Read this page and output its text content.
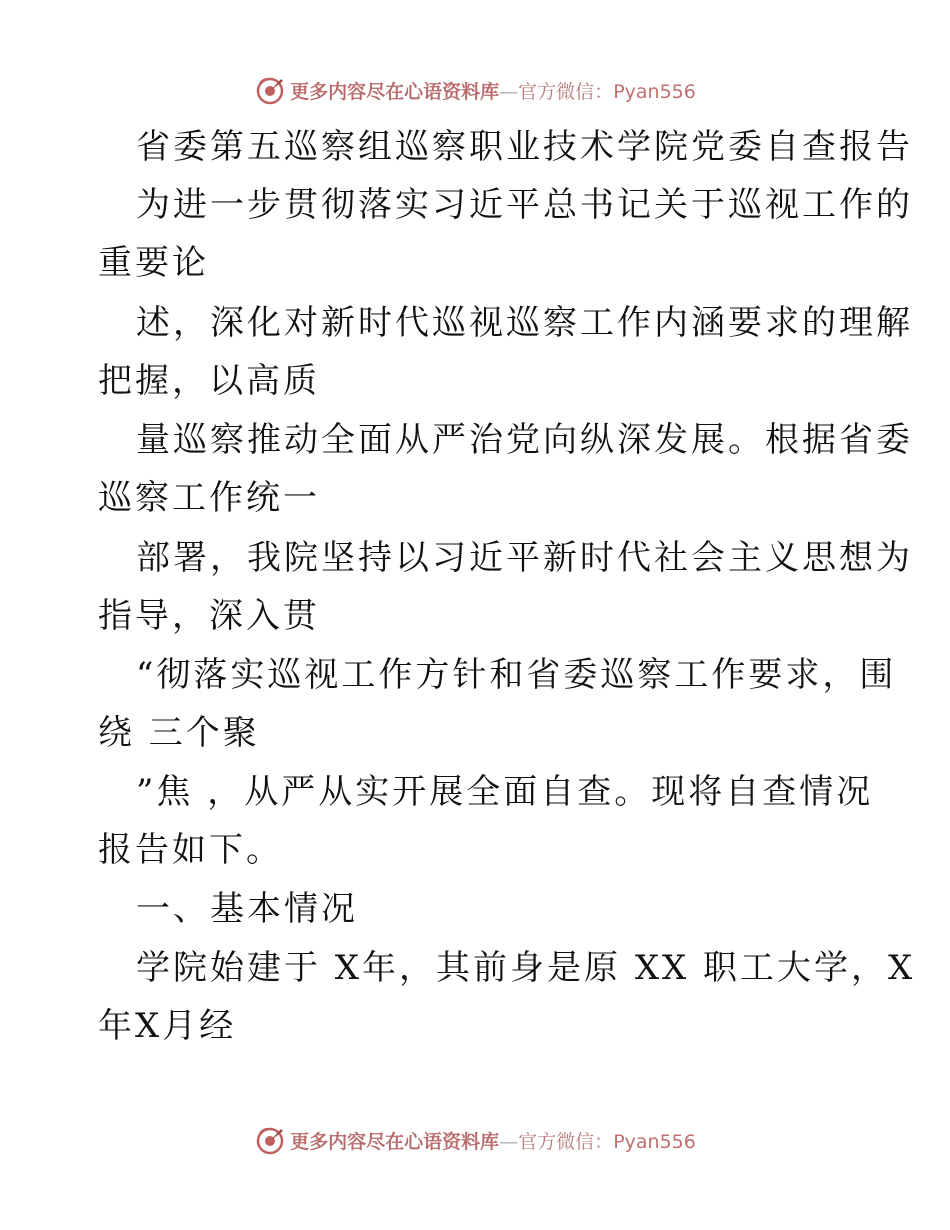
更多内容尽在心语资料库—官方微信：Pyan556
省委第五巡察组巡察职业技术学院党委自查报告
为进一步贯彻落实习近平总书记关于巡视工作的
重要论
述，深化对新时代巡视巡察工作内涵要求的理解
把握，以高质
量巡察推动全面从严治党向纵深发展。根据省委
巡察工作统一
部署，我院坚持以习近平新时代社会主义思想为
指导，深入贯
“彻落实巡视工作方针和省委巡察工作要求，围
绕 三个聚
”焦 ，从严从实开展全面自查。现将自查情况
报告如下。
一、基本情况
学院始建于 X年，其前身是原 XX 职工大学，X
年X月经
更多内容尽在心语资料库—官方微信：Pyan556
